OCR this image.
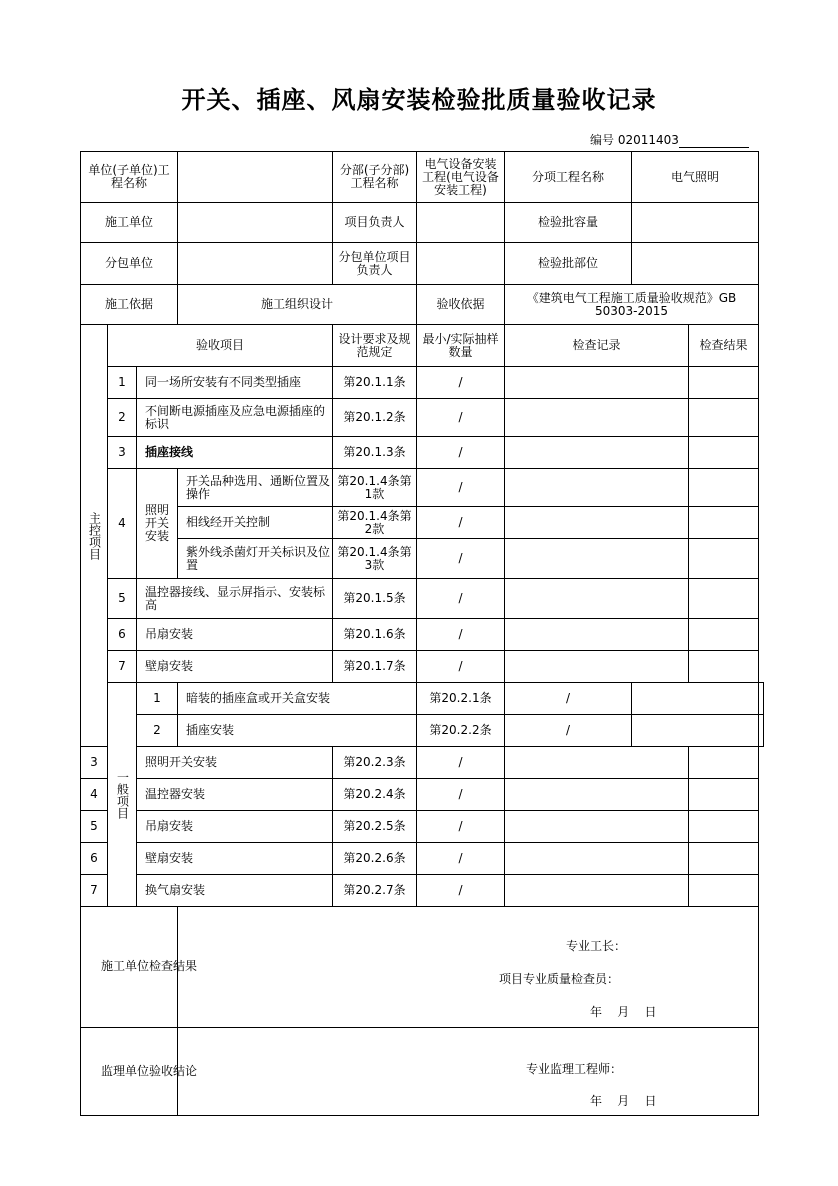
开关、插座、风扇安装检验批质量验收记录
编号 02011403
单位(子单位)工程名称				分部(子分部)工程名称	电气设备安装工程(电气设备安装工程)	分项工程名称	电气照明		
施工单位				项目负责人		检验批容量			
分包单位				分包单位项目负责人		检验批部位			
施工依据			施工组织设计		验收依据	《建筑电气工程施工质量验收规范》GB 50303-2015			
主控项目	验收项目			设计要求及规范规定	最小/实际抽样数量	检查记录		检查结果	
	1	同一场所安装有不同类型插座		第20.1.1条	/				
	2	不间断电源插座及应急电源插座的标识		第20.1.2条	/				
	3	插座接线		第20.1.3条	/				
	4	照明开关安装	开关品种选用、通断位置及操作	第20.1.4条第1款	/				
			相线经开关控制	第20.1.4条第2款	/				
			紫外线杀菌灯开关标识及位置	第20.1.4条第3款	/				
	5	温控器接线、显示屏指示、安装标高		第20.1.5条	/				
	6	吊扇安装		第20.1.6条	/				
	7	壁扇安装		第20.1.7条	/				
	一般项目	1	暗装的插座盒或开关盒安装		第20.2.1条	/			
		2	插座安装		第20.2.2条	/			
3		照明开关安装		第20.2.3条	/				
4		温控器安装		第20.2.4条	/				
5		吊扇安装		第20.2.5条	/				
6		壁扇安装		第20.2.6条	/				
7		换气扇安装		第20.2.7条	/				

施工单位检查结果
专业工长：
项目专业质量检查员：
年    月    日
监理单位验收结论	专业监理工程师：
年    月    日
